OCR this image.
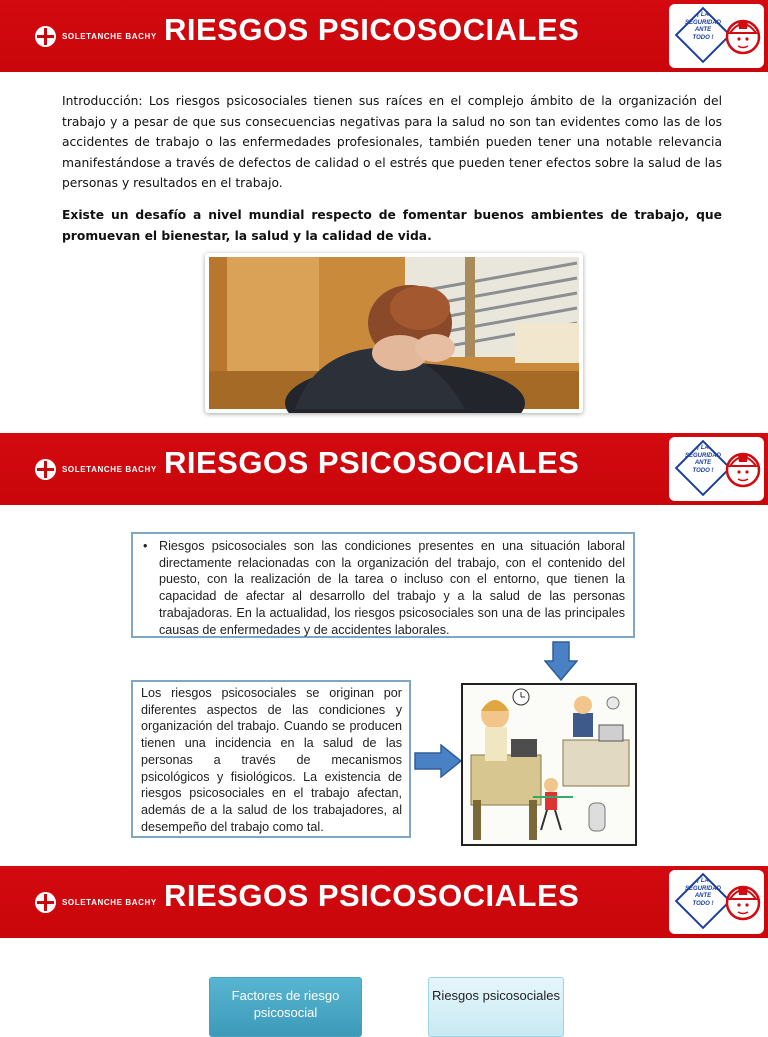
SOLETANCHE BACHY RIESGOS PSICOSOCIALES	¡ LA
SEGURIDAD
ANTE
TODO !

Introducción: Los riesgos psicosociales tienen sus raíces en el complejo ámbito de la organización del trabajo y a pesar de que sus consecuencias negativas para la salud no son tan evidentes como las de los accidentes de trabajo o las enfermedades profesionales, también pueden tener una notable relevancia manifestándose a través de defectos de calidad o el estrés que pueden tener efectos sobre la salud de las personas y resultados en el trabajo.

Existe un desafío a nivel mundial respecto de fomentar buenos ambientes de trabajo, que promuevan el bienestar, la salud y la calidad de vida.

SOLETANCHE BACHY RIESGOS PSICOSOCIALES	¡ LA
SEGURIDAD
ANTE
TODO !
• Riesgos psicosociales son las condiciones presentes en una situación laboral directamente relacionadas con la organización del trabajo, con el contenido del puesto, con la realización de la tarea o incluso con el entorno, que tienen la capacidad de afectar al desarrollo del trabajo y a la salud de las personas trabajadoras. En la actualidad, los riesgos psicosociales son una de las principales causas de enfermedades y de accidentes laborales.
Los riesgos psicosociales se originan por diferentes aspectos de las condiciones y organización del trabajo. Cuando se producen tienen una incidencia en la salud de las personas a través de mecanismos psicológicos y fisiológicos. La existencia de riesgos psicosociales en el trabajo afectan, además de a la salud de los trabajadores, al desempeño del trabajo como tal.
SOLETANCHE BACHY RIESGOS PSICOSOCIALES	¡ LA
SEGURIDAD
ANTE
TODO !
Factores de riesgo psicosocial
Riesgos psicosociales
